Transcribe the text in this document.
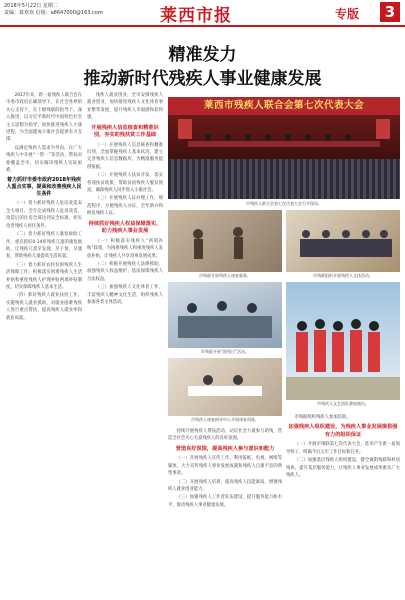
2018年5月22日 星期二
责编：葛欢欢 信箱：a8647000@163.com	莱西市报	专版	3
精准发力
推动新时代残疾人事业健康发展

2017年来，新一届残疾人联合会在市委市政府正确领导下，在社会各界的关心支持下，在上级残联的指导下，深入推进，以习近平新时代中国特色社会主义思想为指导，加快推进残疾人小康进程，为全面建成小康社会提供有力支撑。

以满足残疾人需求为导向，在广大残疾人中开展“一帮一”等活动，帮扶对象覆盖全市，切实解决残疾人实际困难。

着力抓好市委市政府2018年残疾人重点实事，提高和改善残疾人民生条件

（一）着力抓好残疾人危房改造安全大项目。全年完成残疾人危房改造，改造后的住房全部达到安全标准，切实改善残疾人居住条件。

（二）着力抓好残疾人康复救助工作。重点抓好0-14岁残疾儿童的康复救助，让残疾儿童早发现、早干预、早康复，帮助残疾儿童提高生活质量。

（三）着力抓好农村贫困残疾人生活保障工作，积极落实困难残疾人生活补贴和重度残疾人护理补贴两项补贴制度，切实保障残疾人基本生活。

（四）抓好残疾人就业扶持工作。实施残疾人就业援助，对就业困难残疾人进行重点帮扶，提高残疾人就业率和就业质量。

残疾人就业创业，全市安排残疾人就业创业，加快推进残疾人文化体育事业繁荣发展，提升残疾人幸福感和获得感。

开展残疾人信息核查和精准识别，夯实助残扶贫工作基础

（一）开展残疾人信息核查和精准识别，全面掌握残疾人基本状况，建立完善残疾人信息数据库，为精准服务提供依据。

（二）开展残疾人扶贫开发，落实各项扶贫政策，帮助贫困残疾人脱贫致富，确保残疾人同步进入小康社会。

（三）开展残疾人证办理工作，规范程序，方便残疾人办证，全年新办和换发残疾人证。

持续抓好残疾人权益保障落实，助力残疾人事业发展

（一）积极落实残疾人“两项补贴”政策，为困难残疾人和重度残疾人发放补贴，让残疾人共享改革发展成果。

（二）积极开展残疾人法律援助，加强残疾人权益维护，依法保障残疾人合法权益。

（三）加强残疾人文化体育工作，丰富残疾人精神文化生活，组织残疾人参加各类文体活动。

莱西市残疾人联合会第七次代表大会
市残疾人联合会第七次代表大会召开现场。
市残联开展残疾人康复服务。	市残联组织开展残疾人文体活动。
市残联开展“助残日”活动。
市残疾人文艺团队参加演出。
市残疾人康复指导中心开展康复训练。

持续开展残疾人帮扶活动，动员社会力量参与助残，营造全社会关心关爱残疾人的良好氛围。

营造良好氛围，提高残疾人参与意识和能力

（一）开展残疾人宣传工作。利用报纸、电视、网络等媒体，大力宣传残疾人事业发展成就和残疾人自强不息的典型事迹。

（二）开展残疾人培训，提高残疾人技能素质，增强残疾人就业创业能力。

（三）加强残疾人工作者队伍建设，提升服务能力和水平，推动残疾人事业健康发展。

市残联组织残疾人参加培训。

加强残疾人组织建设，为残疾人事业发展提供强有力的组织保证

（一）开展市残联第七次代表大会，选举产生新一届领导班子，明确今后五年工作目标和任务。

（二）加强基层残疾人组织建设，健全镇街残联和村居残协，提升基层服务能力，让残疾人事业发展成果惠及广大残疾人。
